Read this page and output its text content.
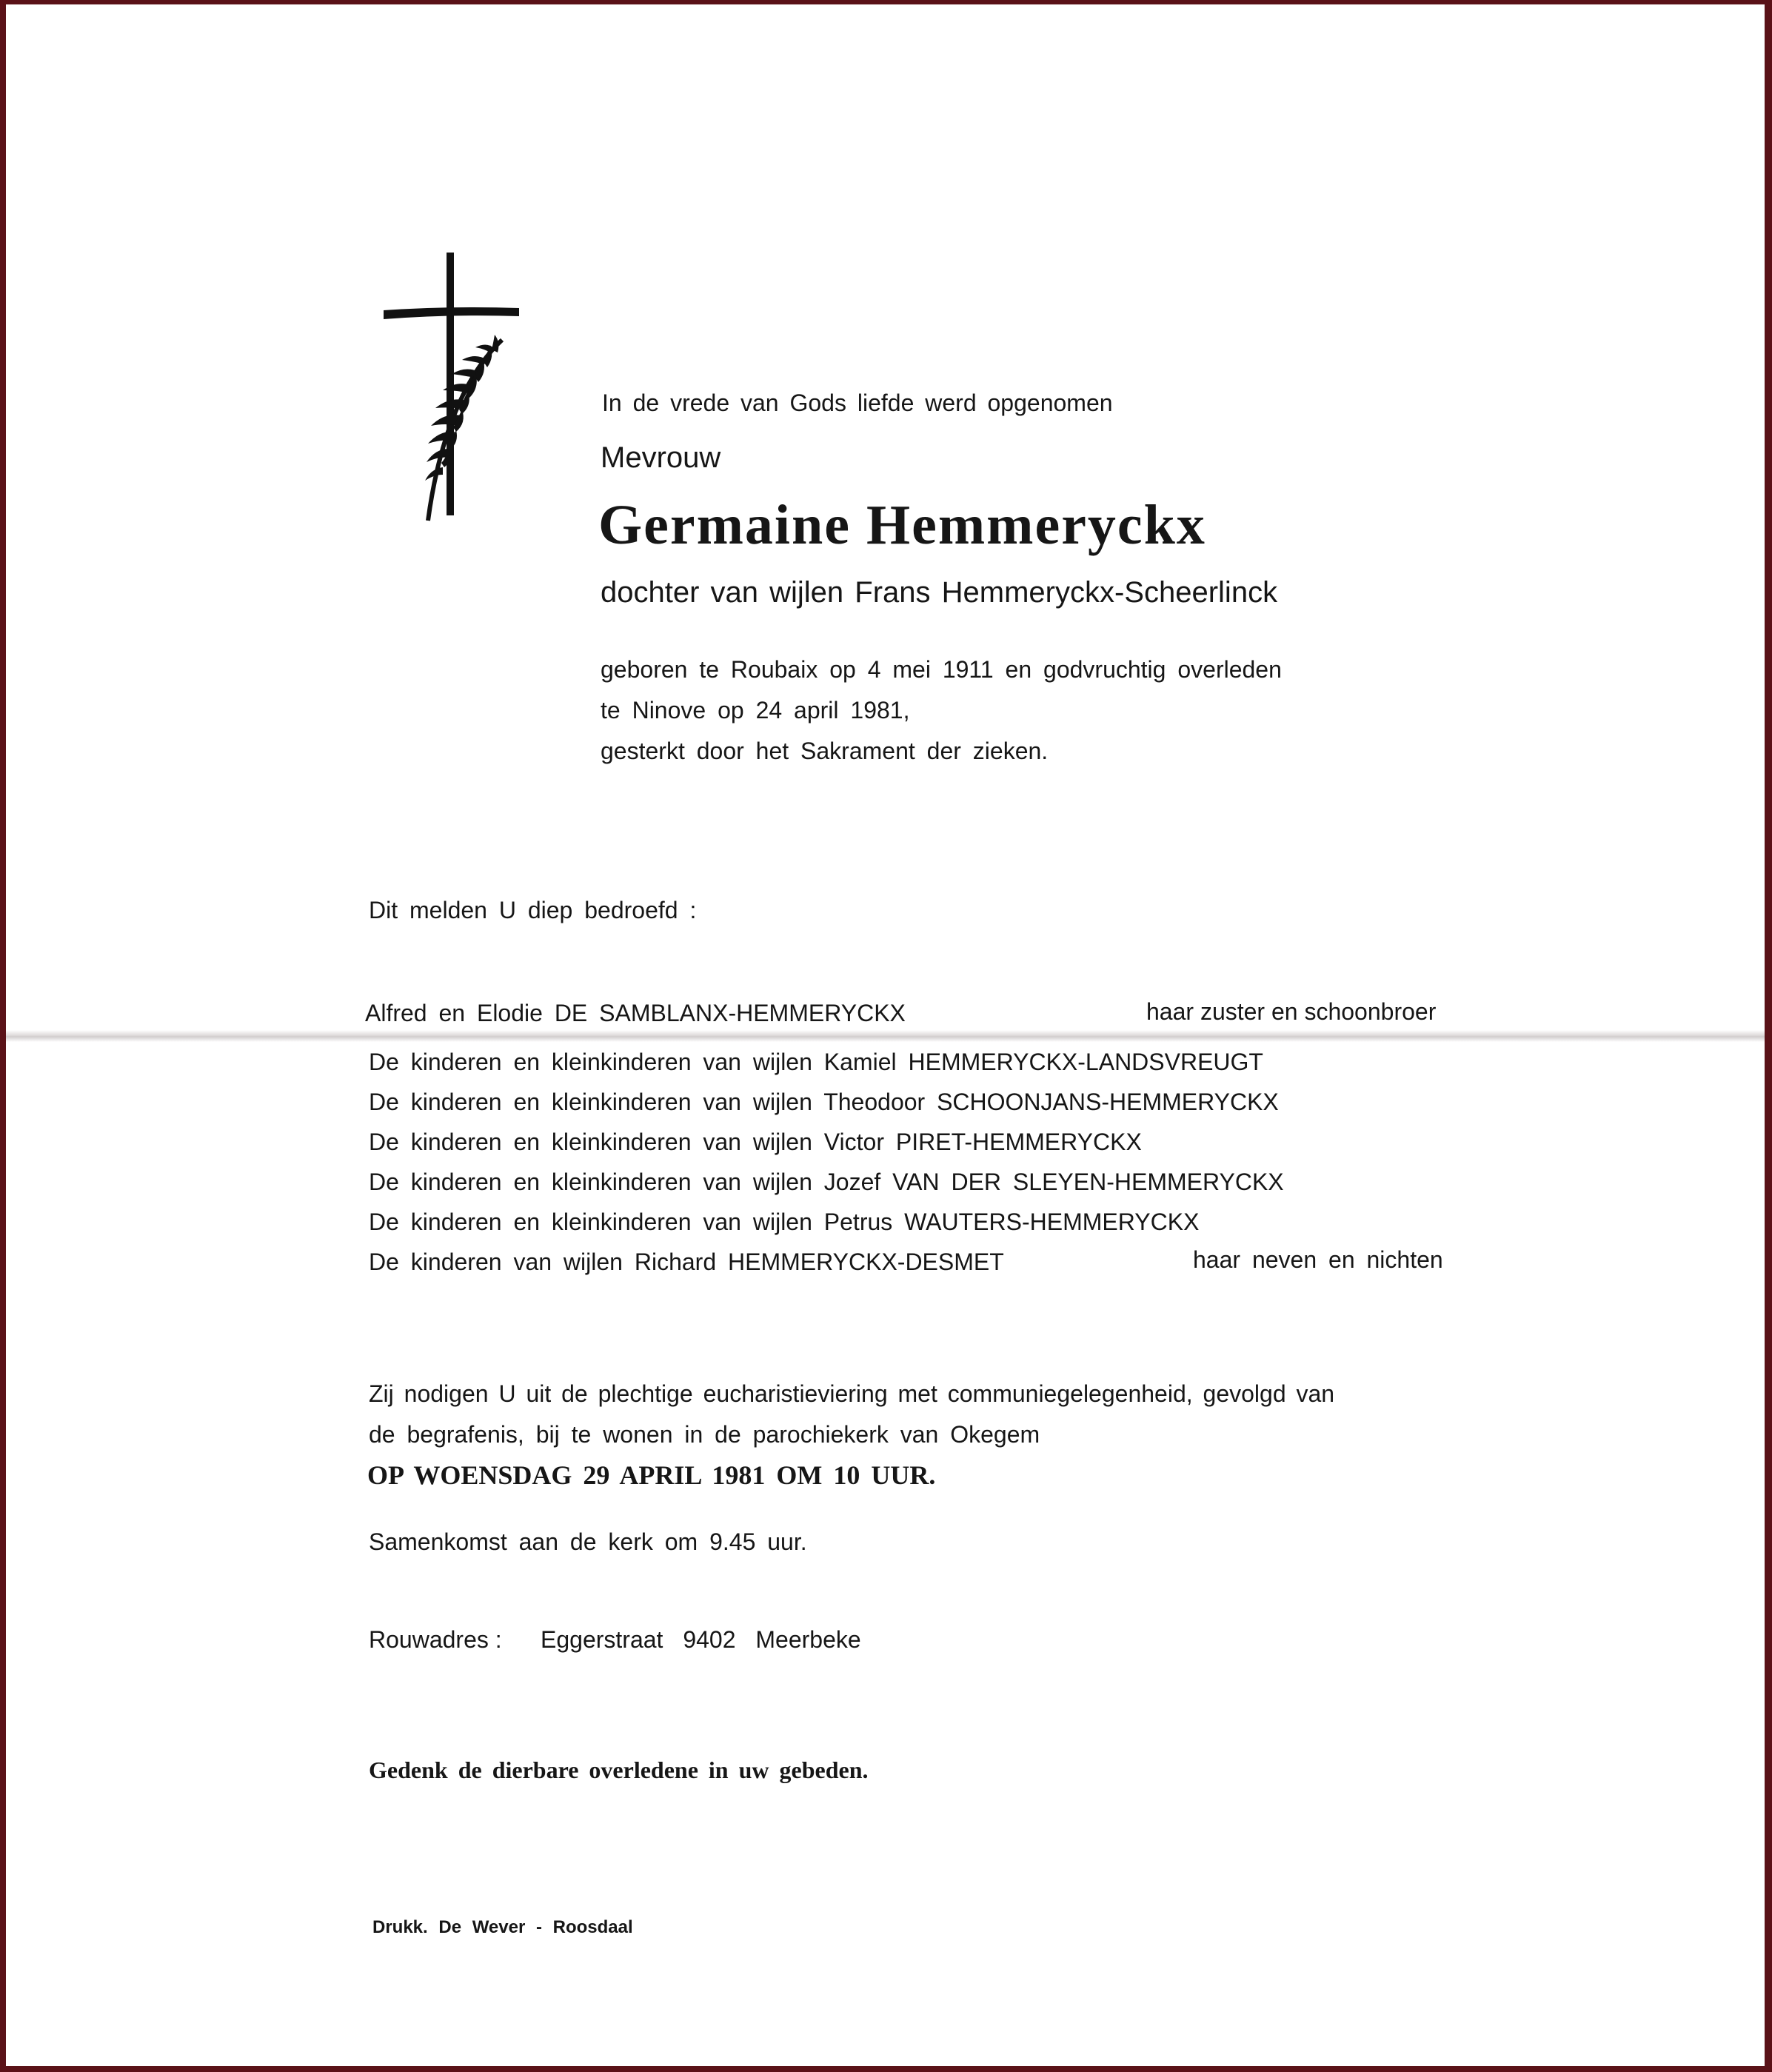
In de vrede van Gods liefde werd opgenomen
Mevrouw
Germaine Hemmeryckx
dochter van wijlen Frans Hemmeryckx-Scheerlinck
geboren te Roubaix op 4 mei 1911 en godvruchtig overleden
te Ninove op 24 april 1981,
gesterkt door het Sakrament der zieken.
Dit melden U diep bedroefd :
Alfred en Elodie DE SAMBLANX-HEMMERYCKX	haar zuster en schoonbroer
De kinderen en kleinkinderen van wijlen Kamiel HEMMERYCKX-LANDSVREUGT
De kinderen en kleinkinderen van wijlen Theodoor SCHOONJANS-HEMMERYCKX
De kinderen en kleinkinderen van wijlen Victor PIRET-HEMMERYCKX
De kinderen en kleinkinderen van wijlen Jozef VAN DER SLEYEN-HEMMERYCKX
De kinderen en kleinkinderen van wijlen Petrus WAUTERS-HEMMERYCKX
De kinderen van wijlen Richard HEMMERYCKX-DESMET	haar neven en nichten
Zij nodigen U uit de plechtige eucharistieviering met communiegelegenheid, gevolgd van
de begrafenis, bij te wonen in de parochiekerk van Okegem
OP WOENSDAG 29 APRIL 1981 OM 10 UUR.
Samenkomst aan de kerk om 9.45 uur.
Rouwadres : Eggerstraat 9402 Meerbeke
Gedenk de dierbare overledene in uw gebeden.
Drukk. De Wever - Roosdaal
